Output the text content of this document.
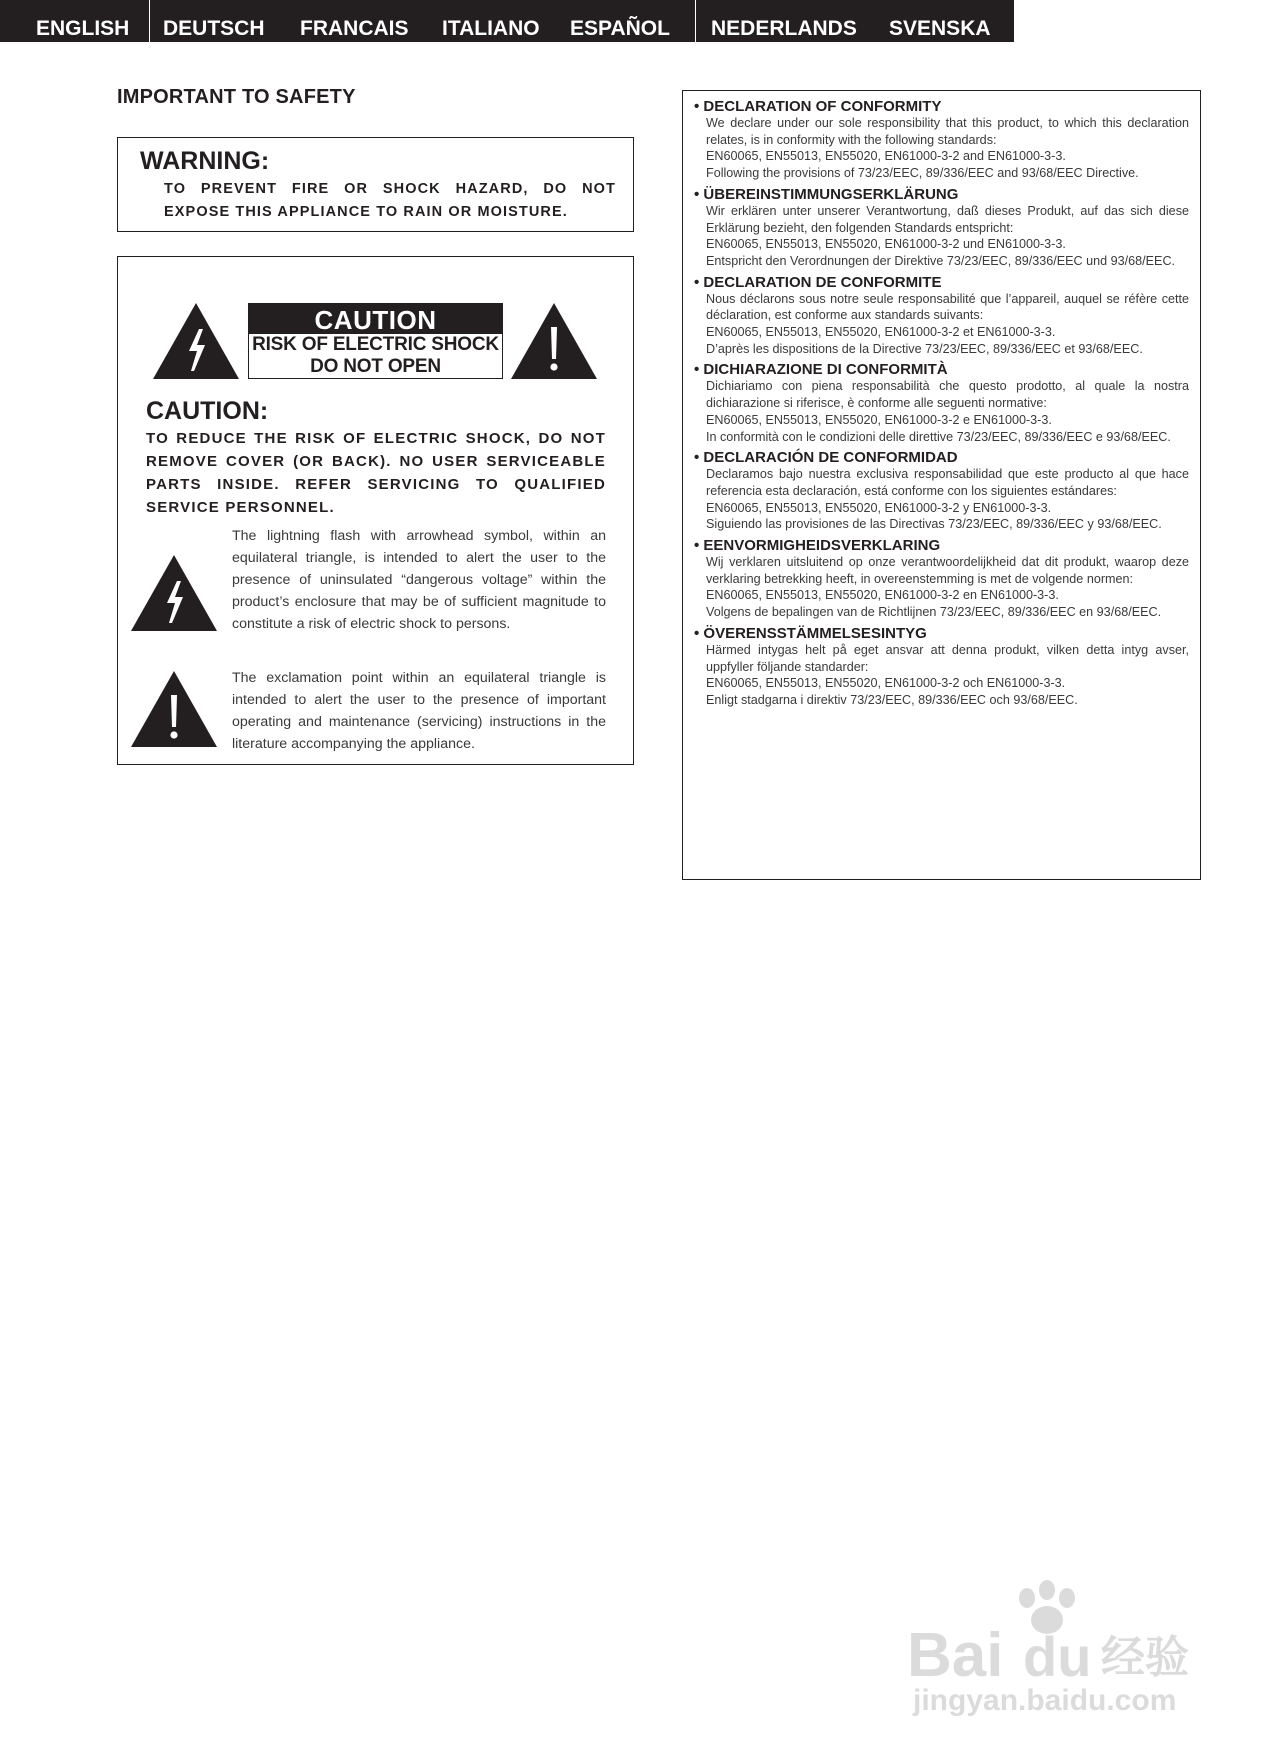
ENGLISH	DEUTSCH	FRANCAIS	ITALIANO	ESPAÑOL	NEDERLANDS	SVENSKA
IMPORTANT TO SAFETY
WARNING:
TO PREVENT FIRE OR SHOCK HAZARD, DO NOT EXPOSE THIS APPLIANCE TO RAIN OR MOISTURE.
CAUTION
RISK OF ELECTRIC SHOCK
DO NOT OPEN
CAUTION:
TO REDUCE THE RISK OF ELECTRIC SHOCK, DO NOT REMOVE COVER (OR BACK). NO USER SERVICEABLE PARTS INSIDE. REFER SERVICING TO QUALIFIED SERVICE PERSONNEL.
The lightning flash with arrowhead symbol, within an equilateral triangle, is intended to alert the user to the presence of uninsulated “dangerous voltage” within the product’s enclosure that may be of sufficient magnitude to constitute a risk of electric shock to persons.
The exclamation point within an equilateral triangle is intended to alert the user to the presence of important operating and maintenance (servicing) instructions in the literature accompanying the appliance.
• DECLARATION OF CONFORMITY
We declare under our sole responsibility that this product, to which this declaration relates, is in conformity with the following standards:
EN60065, EN55013, EN55020, EN61000-3-2 and EN61000-3-3.
Following the provisions of 73/23/EEC, 89/336/EEC and 93/68/EEC Directive.
• ÜBEREINSTIMMUNGSERKLÄRUNG
Wir erklären unter unserer Verantwortung, daß dieses Produkt, auf das sich diese Erklärung bezieht, den folgenden Standards entspricht:
EN60065, EN55013, EN55020, EN61000-3-2 und EN61000-3-3.
Entspricht den Verordnungen der Direktive 73/23/EEC, 89/336/EEC und 93/68/EEC.
• DECLARATION DE CONFORMITE
Nous déclarons sous notre seule responsabilité que l’appareil, auquel se réfère cette déclaration, est conforme aux standards suivants:
EN60065, EN55013, EN55020, EN61000-3-2 et EN61000-3-3.
D’après les dispositions de la Directive 73/23/EEC, 89/336/EEC et 93/68/EEC.
• DICHIARAZIONE DI CONFORMITÀ
Dichiariamo con piena responsabilità che questo prodotto, al quale la nostra dichiarazione si riferisce, è conforme alle seguenti normative:
EN60065, EN55013, EN55020, EN61000-3-2 e EN61000-3-3.
In conformità con le condizioni delle direttive 73/23/EEC, 89/336/EEC e 93/68/EEC.
• DECLARACIÓN DE CONFORMIDAD
Declaramos bajo nuestra exclusiva responsabilidad que este producto al que hace referencia esta declaración, está conforme con los siguientes estándares:
EN60065, EN55013, EN55020, EN61000-3-2 y EN61000-3-3.
Siguiendo las provisiones de las Directivas 73/23/EEC, 89/336/EEC y 93/68/EEC.
• EENVORMIGHEIDSVERKLARING
Wij verklaren uitsluitend op onze verantwoordelijkheid dat dit produkt, waarop deze verklaring betrekking heeft, in overeenstemming is met de volgende normen:
EN60065, EN55013, EN55020, EN61000-3-2 en EN61000-3-3.
Volgens de bepalingen van de Richtlijnen 73/23/EEC, 89/336/EEC en 93/68/EEC.
• ÖVERENSSTÄMMELSESINTYG
Härmed intygas helt på eget ansvar att denna produkt, vilken detta intyg avser, uppfyller följande standarder:
EN60065, EN55013, EN55020, EN61000-3-2 och EN61000-3-3.
Enligt stadgarna i direktiv 73/23/EEC, 89/336/EEC och 93/68/EEC.
Bai du 经验
jingyan.baidu.com
